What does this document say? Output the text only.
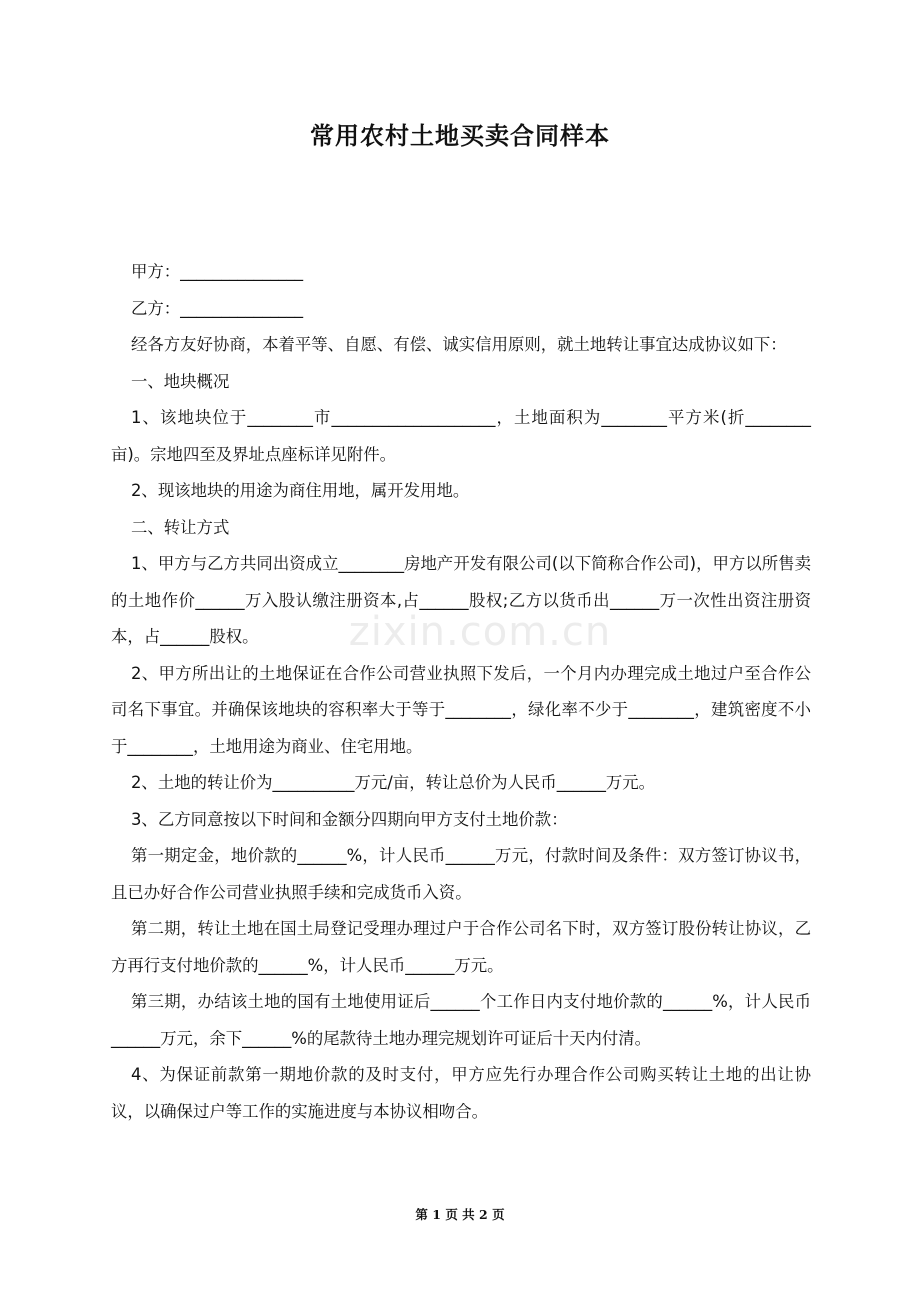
常用农村土地买卖合同样本

甲方：_______________

乙方：_______________

经各方友好协商，本着平等、自愿、有偿、诚实信用原则，就土地转让事宜达成协议如下：

一、地块概况

1、该地块位于________市____________________，土地面积为________平方米(折________亩)。宗地四至及界址点座标详见附件。

2、现该地块的用途为商住用地，属开发用地。

二、转让方式

1、甲方与乙方共同出资成立________房地产开发有限公司(以下简称合作公司)，甲方以所售卖的土地作价______万入股认缴注册资本,占______股权;乙方以货币出______万一次性出资注册资本，占______股权。

2、甲方所出让的土地保证在合作公司营业执照下发后，一个月内办理完成土地过户至合作公司名下事宜。并确保该地块的容积率大于等于________，绿化率不少于________，建筑密度不小于________，土地用途为商业、住宅用地。

2、土地的转让价为__________万元/亩，转让总价为人民币______万元。

3、乙方同意按以下时间和金额分四期向甲方支付土地价款：

第一期定金，地价款的______%，计人民币______万元，付款时间及条件：双方签订协议书，且已办好合作公司营业执照手续和完成货币入资。

第二期，转让土地在国土局登记受理办理过户于合作公司名下时，双方签订股份转让协议，乙方再行支付地价款的______%，计人民币______万元。

第三期，办结该土地的国有土地使用证后______个工作日内支付地价款的______%，计人民币______万元，余下______%的尾款待土地办理完规划许可证后十天内付清。

4、为保证前款第一期地价款的及时支付，甲方应先行办理合作公司购买转让土地的出让协议，以确保过户等工作的实施进度与本协议相吻合。

zixin.com.cn
第 1 页 共 2 页
